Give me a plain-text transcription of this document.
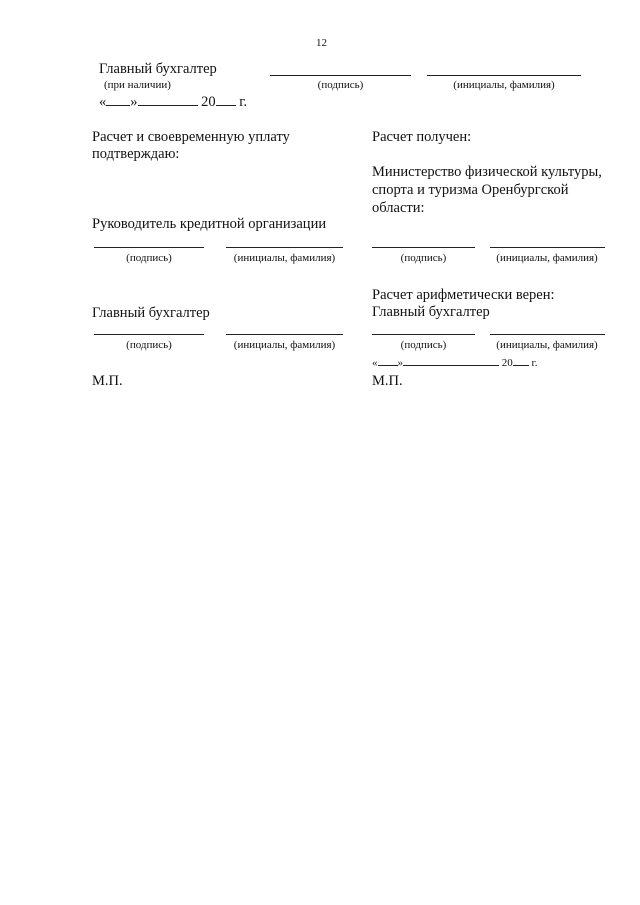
12
Главный бухгалтер
(при наличии)	(подпись)	(инициалы, фамилия)
« »	20 г.
Расчет и своевременную уплату
подтверждаю:
Руководитель кредитной организации
(подпись)	(инициалы, фамилия)
Главный бухгалтер
(подпись)	(инициалы, фамилия)
М.П.
Расчет получен:
Министерство физической культуры,
спорта и туризма Оренбургской
области:
(подпись)	(инициалы, фамилия)
Расчет арифметически верен:
Главный бухгалтер
(подпись)	(инициалы, фамилия)
« »	20 г.
М.П.
